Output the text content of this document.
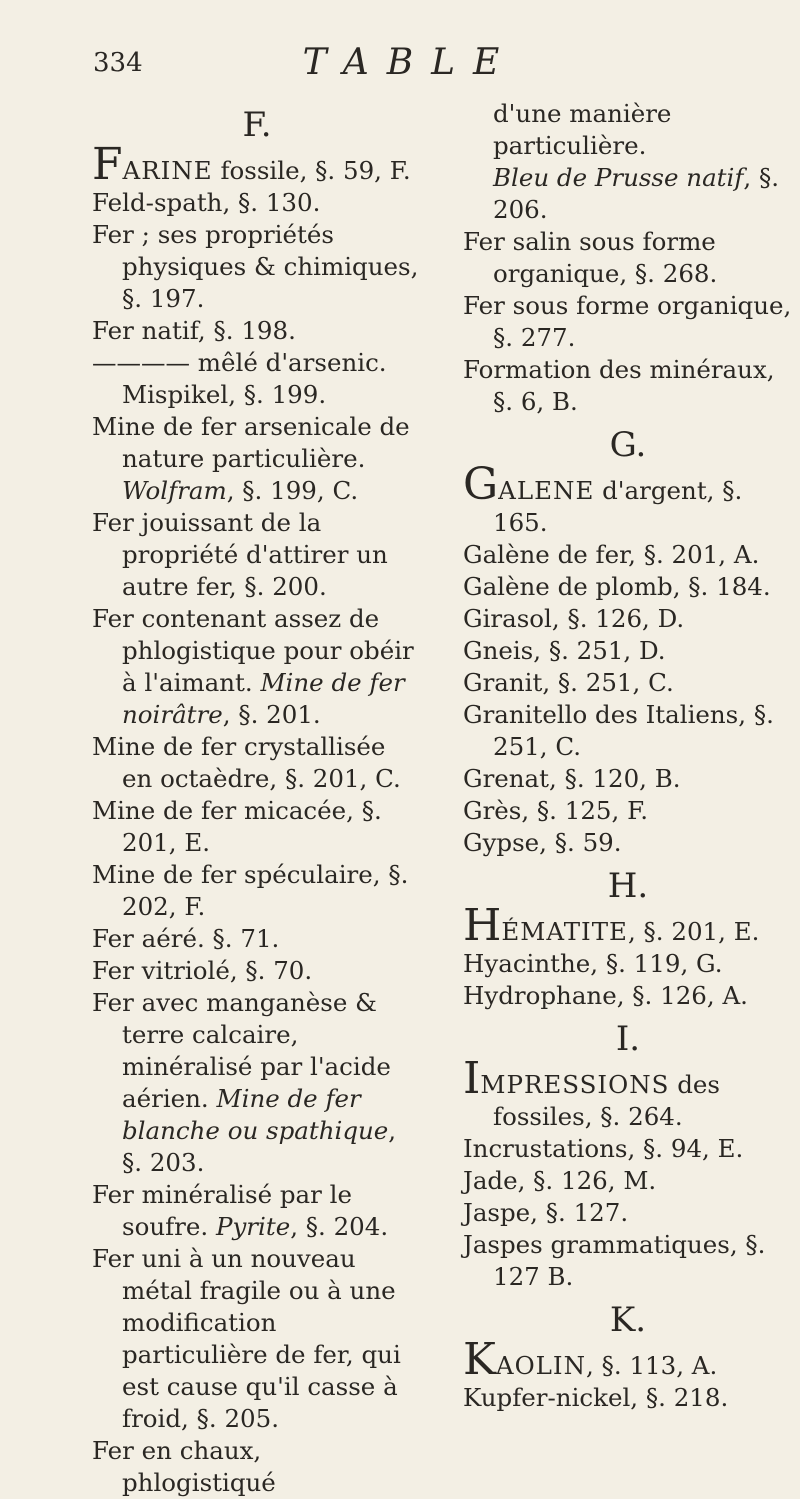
334	TABLE
F.

FARINE fossile, §. 59, F.

Feld-spath, §. 130.

Fer ; ses propriétés physiques & chimiques, §. 197.

Fer natif, §. 198.

———— mêlé d'arsenic. Mispikel, §. 199.

Mine de fer arsenicale de nature particulière. Wolfram, §. 199, C.

Fer jouissant de la propriété d'attirer un autre fer, §. 200.

Fer contenant assez de phlogistique pour obéir à l'aimant. Mine de fer noirâtre, §. 201.

Mine de fer crystallisée en octaèdre, §. 201, C.

Mine de fer micacée, §. 201, E.

Mine de fer spéculaire, §. 202, F.

Fer aéré. §. 71.

Fer vitriolé, §. 70.

Fer avec manganèse & terre calcaire, minéralisé par l'acide aérien. Mine de fer blanche ou spathique, §. 203.

Fer minéralisé par le soufre. Pyrite, §. 204.

Fer uni à un nouveau métal fragile ou à une modification particulière de fer, qui est cause qu'il casse à froid, §. 205.

Fer en chaux, phlogistiqué

d'une manière particulière.

Bleu de Prusse natif, §. 206.

Fer salin sous forme organique, §. 268.

Fer sous forme organique, §. 277.

Formation des minéraux, §. 6, B.

G.

GALENE d'argent, §. 165.

Galène de fer, §. 201, A.

Galène de plomb, §. 184.

Girasol, §. 126, D.

Gneis, §. 251, D.

Granit, §. 251, C.

Granitello des Italiens, §. 251, C.

Grenat, §. 120, B.

Grès, §. 125, F.

Gypse, §. 59.

H.

HÉMATITE, §. 201, E.

Hyacinthe, §. 119, G.

Hydrophane, §. 126, A.

I.

IMPRESSIONS des fossiles, §. 264.

Incrustations, §. 94, E.

Jade, §. 126, M.

Jaspe, §. 127.

Jaspes grammatiques, §. 127 B.

K.

KAOLIN, §. 113, A.

Kupfer-nickel, §. 218.
